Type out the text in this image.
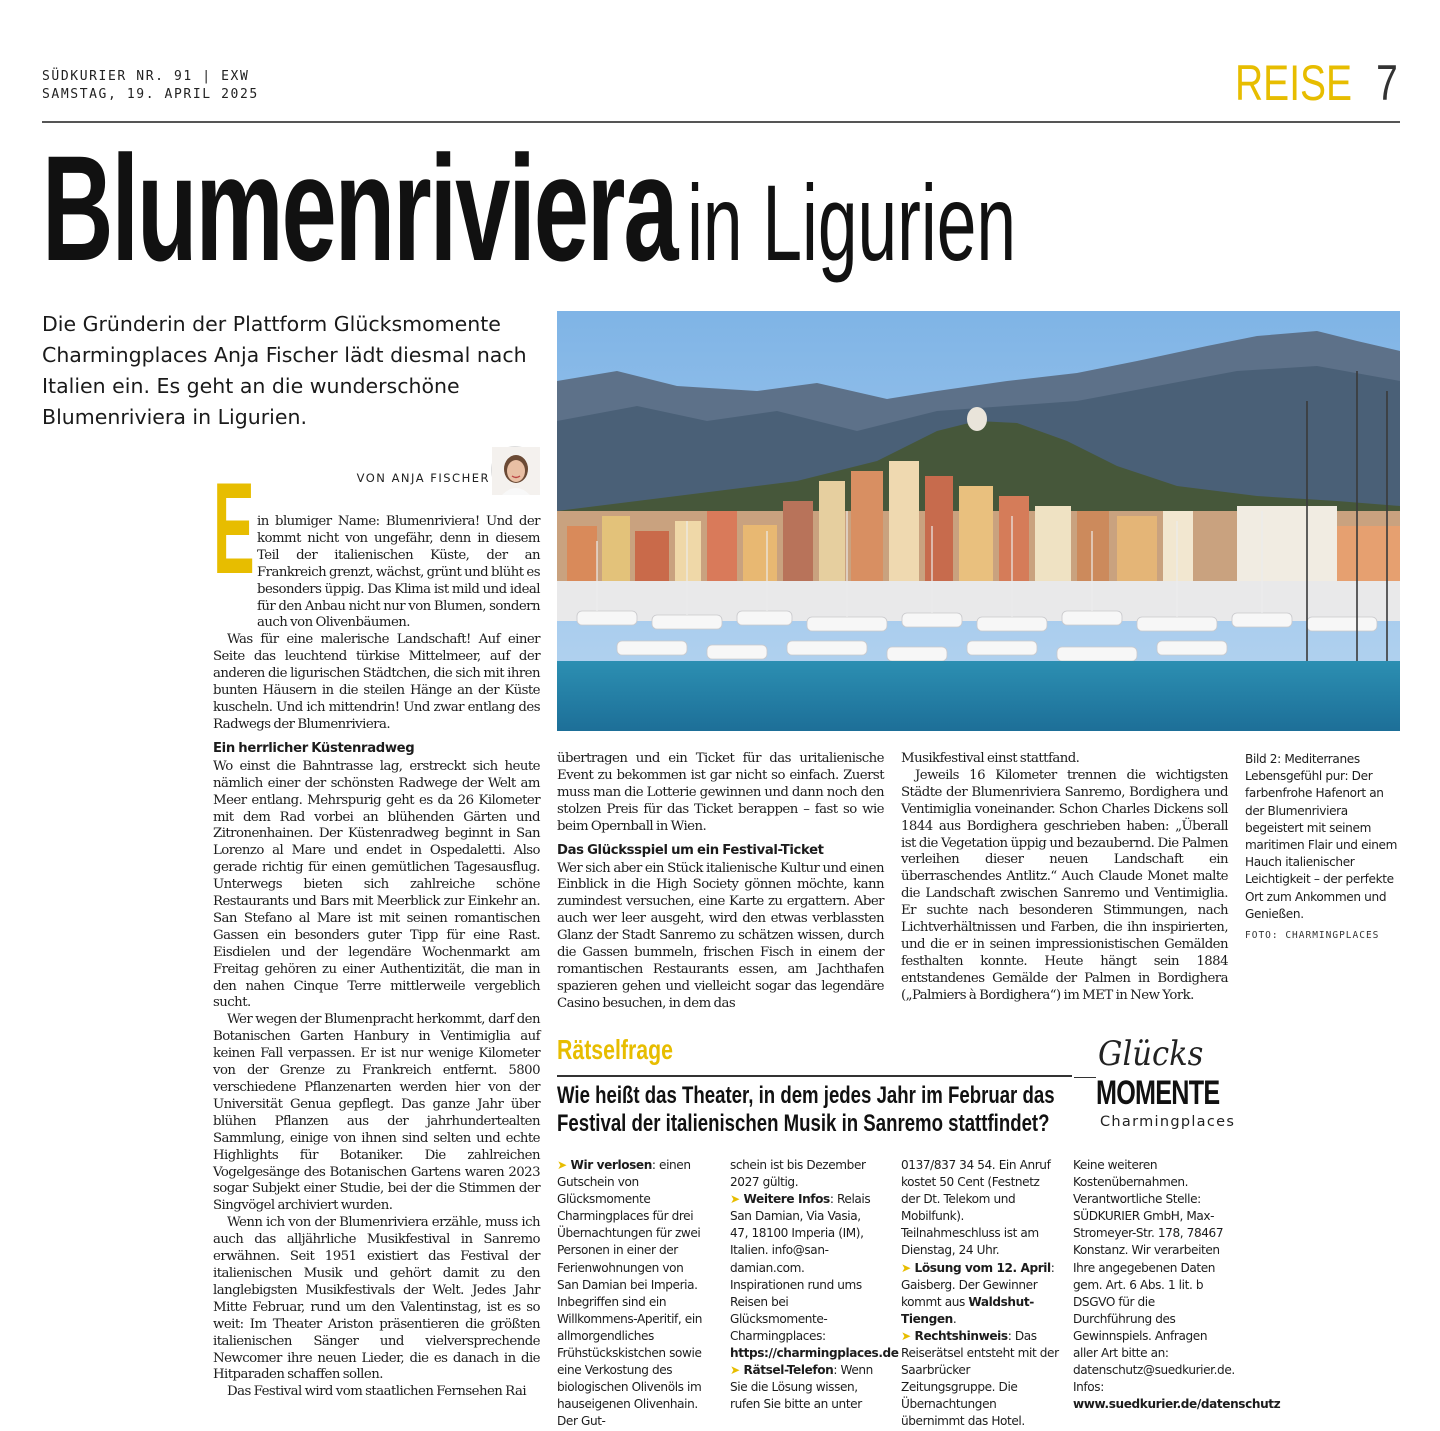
SÜDKURIER NR. 91 | EXW
SAMSTAG, 19. APRIL 2025	REISE 7
Blumenrivierain Ligurien
Die Gründerin der Plattform Glücksmomente Charmingplaces Anja Fischer lädt diesmal nach Italien ein. Es geht an die wunderschöne Blumenriviera in Ligurien.
VON ANJA FISCHER
E in blumiger Name: Blumenriviera! Und der kommt nicht von ungefähr, denn in diesem Teil der italienischen Küste, der an Frankreich grenzt, wächst, grünt und blüht es besonders üppig. Das Klima ist mild und ideal für den Anbau nicht nur von Blumen, sondern auch von Olivenbäumen.

Was für eine malerische Landschaft! Auf einer Seite das leuchtend türkise Mittelmeer, auf der anderen die ligurischen Städtchen, die sich mit ihren bunten Häusern in die steilen Hänge an der Küste kuscheln. Und ich mittendrin! Und zwar entlang des Radwegs der Blumenriviera.

Ein herrlicher Küstenradweg

Wo einst die Bahntrasse lag, erstreckt sich heute nämlich einer der schönsten Radwege der Welt am Meer entlang. Mehrspurig geht es da 26 Kilometer mit dem Rad vorbei an blühenden Gärten und Zitronenhainen. Der Küstenradweg beginnt in San Lorenzo al Mare und endet in Ospedaletti. Also gerade richtig für einen gemütlichen Tagesausflug. Unterwegs bieten sich zahlreiche schöne Restaurants und Bars mit Meerblick zur Einkehr an. San Stefano al Mare ist mit seinen romantischen Gassen ein besonders guter Tipp für eine Rast. Eisdielen und der legendäre Wochenmarkt am Freitag gehören zu einer Authentizität, die man in den nahen Cinque Terre mittlerweile vergeblich sucht.

Wer wegen der Blumenpracht herkommt, darf den Botanischen Garten Hanbury in Ventimiglia auf keinen Fall verpassen. Er ist nur wenige Kilometer von der Grenze zu Frankreich entfernt. 5800 verschiedene Pflanzenarten werden hier von der Universität Genua gepflegt. Das ganze Jahr über blühen Pflanzen aus der jahrhundertealten Sammlung, einige von ihnen sind selten und echte Highlights für Botaniker. Die zahlreichen Vogelgesänge des Botanischen Gartens waren 2023 sogar Subjekt einer Studie, bei der die Stimmen der Singvögel archiviert wurden.

Wenn ich von der Blumenriviera erzähle, muss ich auch das alljährliche Musikfestival in Sanremo erwähnen. Seit 1951 existiert das Festival der italienischen Musik und gehört damit zu den langlebigsten Musikfestivals der Welt. Jedes Jahr Mitte Februar, rund um den Valentinstag, ist es so weit: Im Theater Ariston präsentieren die größten italienischen Sänger und vielversprechende Newcomer ihre neuen Lieder, die es danach in die Hitparaden schaffen sollen.

Das Festival wird vom staatlichen Fernsehen Rai

übertragen und ein Ticket für das uritalienische Event zu bekommen ist gar nicht so einfach. Zuerst muss man die Lotterie gewinnen und dann noch den stolzen Preis für das Ticket berappen – fast so wie beim Opernball in Wien.

Das Glücksspiel um ein Festival-Ticket

Wer sich aber ein Stück italienische Kultur und einen Einblick in die High Society gönnen möchte, kann zumindest versuchen, eine Karte zu ergattern. Aber auch wer leer ausgeht, wird den etwas verblassten Glanz der Stadt Sanremo zu schätzen wissen, durch die Gassen bummeln, frischen Fisch in einem der romantischen Restaurants essen, am Jachthafen spazieren gehen und vielleicht sogar das legendäre Casino besuchen, in dem das

Musikfestival einst stattfand.

Jeweils 16 Kilometer trennen die wichtigsten Städte der Blumenriviera Sanremo, Bordighera und Ventimiglia voneinander. Schon Charles Dickens soll 1844 aus Bordighera geschrieben haben: „Überall ist die Vegetation üppig und bezaubernd. Die Palmen verleihen dieser neuen Landschaft ein überraschendes Antlitz.“ Auch Claude Monet malte die Landschaft zwischen Sanremo und Ventimiglia. Er suchte nach besonderen Stimmungen, nach Lichtverhältnissen und Farben, die ihn inspirierten, und die er in seinen impressionistischen Gemälden festhalten konnte. Heute hängt sein 1884 entstandenes Gemälde der Palmen in Bordighera („Palmiers à Bordighera“) im MET in New York.

Bild 2: Mediterranes Lebensgefühl pur: Der farbenfrohe Hafenort an der Blumenriviera begeistert mit seinem maritimen Flair und einem Hauch italienischer Leichtigkeit – der perfekte Ort zum Ankommen und Genießen.
FOTO: CHARMINGPLACES
Rätselfrage
Wie heißt das Theater, in dem jedes Jahr im Februar das Festival der italienischen Musik in Sanremo stattfindet?
Glücks
MOMENTE
Charmingplaces
➤ Wir verlosen: einen Gutschein von Glücksmomente Charmingplaces für drei Übernachtungen für zwei Personen in einer der Ferienwohnungen von San Damian bei Imperia. Inbegriffen sind ein Willkommens-Aperitif, ein allmorgendliches Frühstückskistchen sowie eine Verkostung des biologischen Olivenöls im hauseigenen Olivenhain. Der Gut-
schein ist bis Dezember 2027 gültig.
➤ Weitere Infos: Relais San Damian, Via Vasia, 47, 18100 Imperia (IM), Italien. info@san-damian.com. Inspirationen rund ums Reisen bei Glücksmomente-Charmingplaces: https://charmingplaces.de
➤ Rätsel-Telefon: Wenn Sie die Lösung wissen, rufen Sie bitte an unter
0137/837 34 54. Ein Anruf kostet 50 Cent (Festnetz der Dt. Telekom und Mobilfunk). Teilnahmeschluss ist am Dienstag, 24 Uhr.
➤ Lösung vom 12. April: Gaisberg. Der Gewinner kommt aus Waldshut-Tiengen.
➤ Rechtshinweis: Das Reiserätsel entsteht mit der Saarbrücker Zeitungsgruppe. Die Übernachtungen übernimmt das Hotel.
Keine weiteren Kostenübernahmen. Verantwortliche Stelle: SÜDKURIER GmbH, Max-Stromeyer-Str. 178, 78467 Konstanz. Wir verarbeiten Ihre angegebenen Daten gem. Art. 6 Abs. 1 lit. b DSGVO für die Durchführung des Gewinnspiels. Anfragen aller Art bitte an: datenschutz@suedkurier.de. Infos: www.suedkurier.de/datenschutz
